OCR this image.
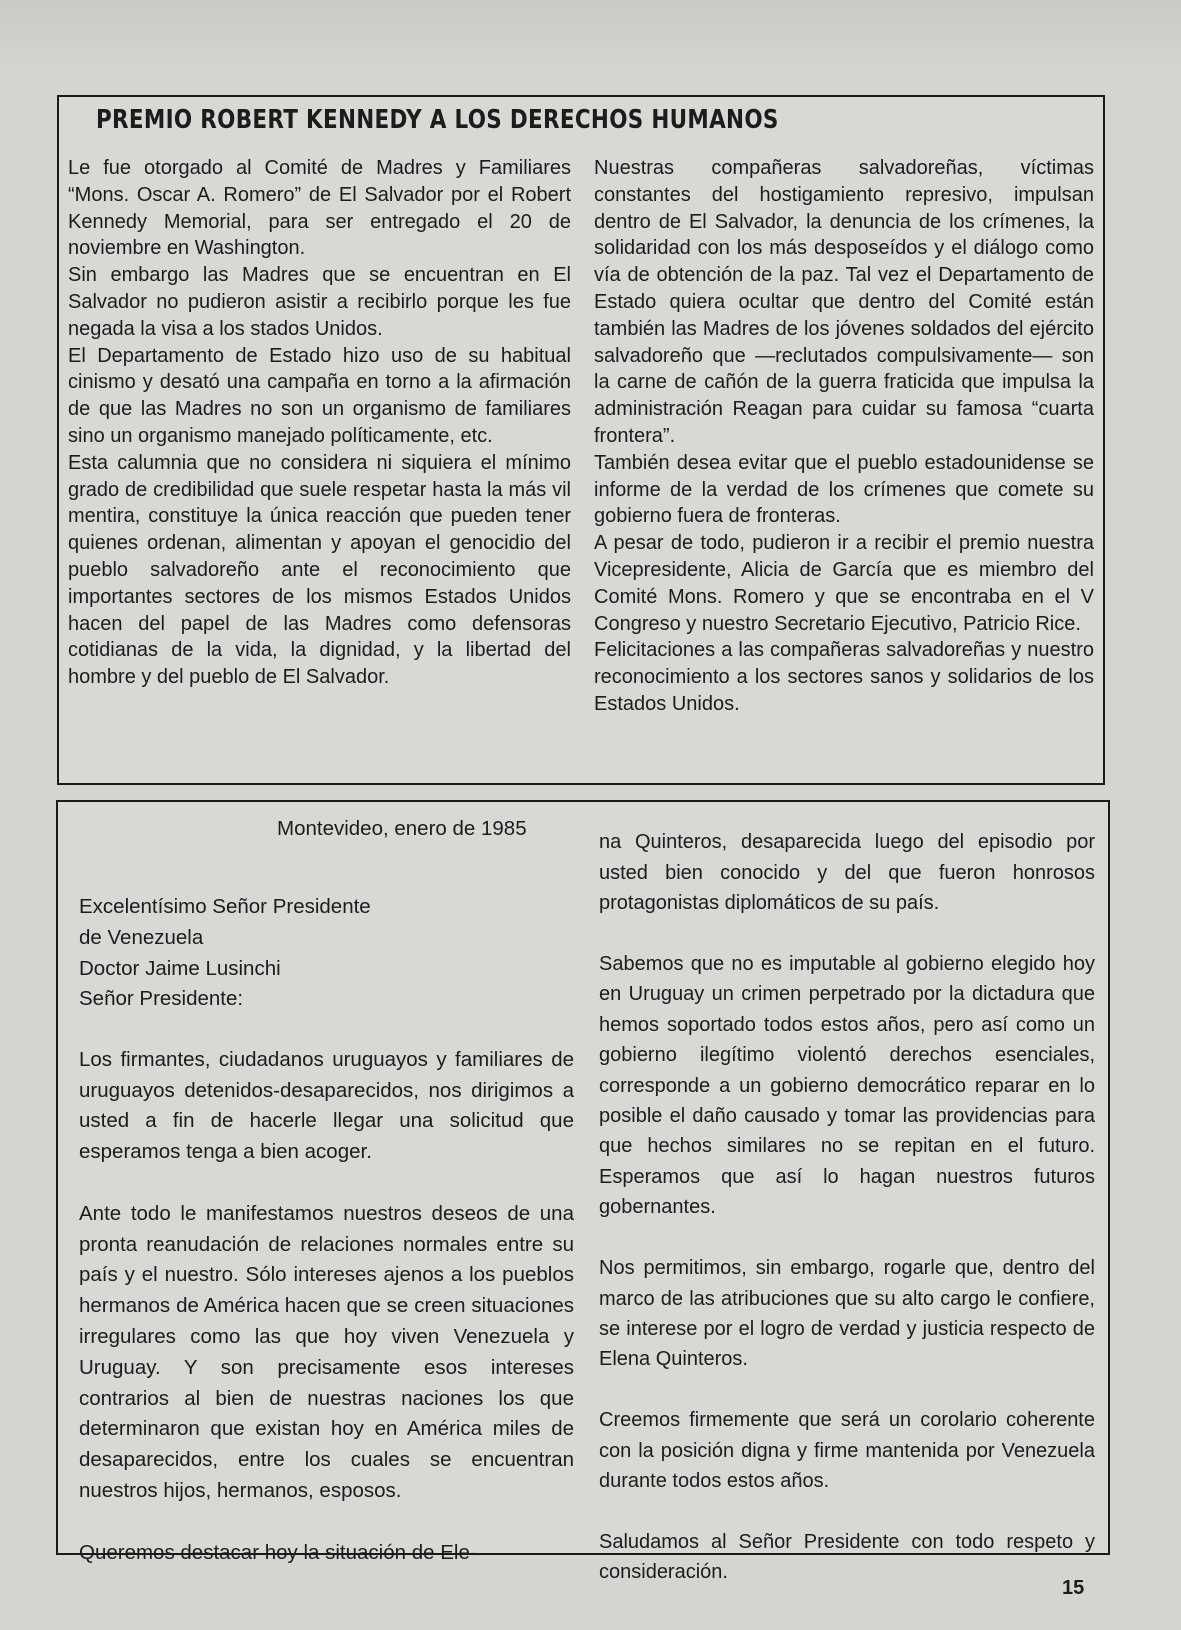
PREMIO ROBERT KENNEDY A LOS DERECHOS HUMANOS
Le fue otorgado al Comité de Madres y Familiares “Mons. Oscar A. Romero” de El Salvador por el Robert Kennedy Memorial, para ser entregado el 20 de noviembre en Washington.
Sin embargo las Madres que se encuentran en El Salvador no pudieron asistir a recibirlo porque les fue negada la visa a los stados Unidos.
El Departamento de Estado hizo uso de su habitual cinismo y desató una campaña en torno a la afirmación de que las Madres no son un organismo de familiares sino un organismo manejado políticamente, etc.
Esta calumnia que no considera ni siquiera el mínimo grado de credibilidad que suele respetar hasta la más vil mentira, constituye la única reacción que pueden tener quienes ordenan, alimentan y apoyan el genocidio del pueblo salvadoreño ante el reconocimiento que importantes sectores de los mismos Estados Unidos hacen del papel de las Madres como defensoras cotidianas de la vida, la dignidad, y la libertad del hombre y del pueblo de El Salvador.
Nuestras compañeras salvadoreñas, víctimas constantes del hostigamiento represivo, impulsan dentro de El Salvador, la denuncia de los crímenes, la solidaridad con los más desposeídos y el diálogo como vía de obtención de la paz. Tal vez el Departamento de Estado quiera ocultar que dentro del Comité están también las Madres de los jóvenes soldados del ejército salvadoreño que —reclutados compulsivamente— son la carne de cañón de la guerra fraticida que impulsa la administración Reagan para cuidar su famosa “cuarta frontera”.
También desea evitar que el pueblo estadounidense se informe de la verdad de los crímenes que comete su gobierno fuera de fronteras.
A pesar de todo, pudieron ir a recibir el premio nuestra Vicepresidente, Alicia de García que es miembro del Comité Mons. Romero y que se encontraba en el V Congreso y nuestro Secretario Ejecutivo, Patricio Rice.
Felicitaciones a las compañeras salvadoreñas y nuestro reconocimiento a los sectores sanos y solidarios de los Estados Unidos.

Montevideo, enero de 1985

Excelentísimo Señor Presidente
de Venezuela
Doctor Jaime Lusinchi
Señor Presidente:

Los firmantes, ciudadanos uruguayos y familiares de uruguayos detenidos-desaparecidos, nos dirigimos a usted a fin de hacerle llegar una solicitud que esperamos tenga a bien acoger.

Ante todo le manifestamos nuestros deseos de una pronta reanudación de relaciones normales entre su país y el nuestro. Sólo intereses ajenos a los pueblos hermanos de América hacen que se creen situaciones irregulares como las que hoy viven Venezuela y Uruguay. Y son precisamente esos intereses contrarios al bien de nuestras naciones los que determinaron que existan hoy en América miles de desaparecidos, entre los cuales se encuentran nuestros hijos, hermanos, esposos.

Queremos destacar hoy la situación de Ele-

na Quinteros, desaparecida luego del episodio por usted bien conocido y del que fueron honrosos protagonistas diplomáticos de su país.

Sabemos que no es imputable al gobierno elegido hoy en Uruguay un crimen perpetrado por la dictadura que hemos soportado todos estos años, pero así como un gobierno ilegítimo violentó derechos esenciales, corresponde a un gobierno democrático reparar en lo posible el daño causado y tomar las providencias para que hechos similares no se repitan en el futuro. Esperamos que así lo hagan nuestros futuros gobernantes.

Nos permitimos, sin embargo, rogarle que, dentro del marco de las atribuciones que su alto cargo le confiere, se interese por el logro de verdad y justicia respecto de Elena Quinteros.

Creemos firmemente que será un corolario coherente con la posición digna y firme mantenida por Venezuela durante todos estos años.

Saludamos al Señor Presidente con todo respeto y consideración.

15
